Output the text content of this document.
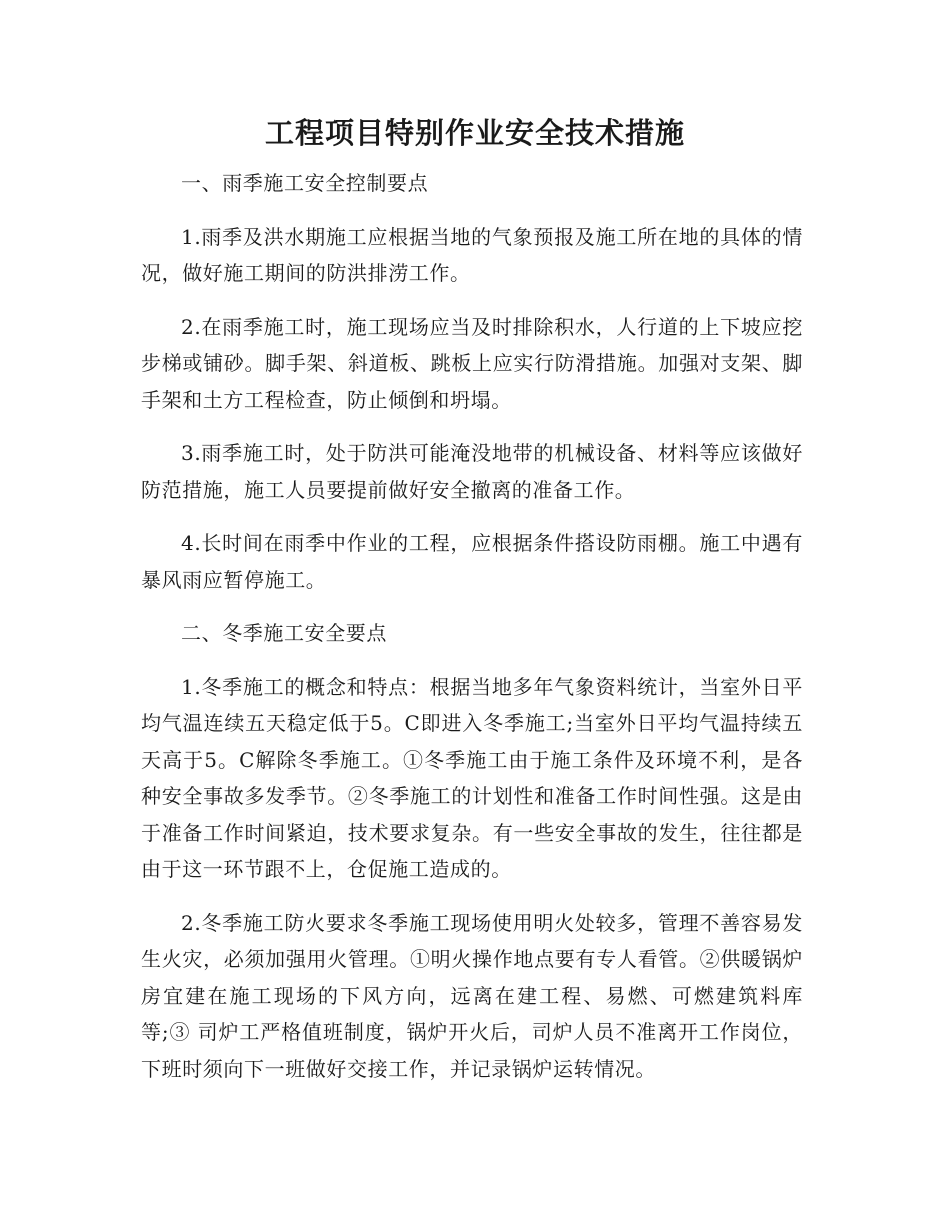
工程项目特别作业安全技术措施

一、雨季施工安全控制要点

1.雨季及洪水期施工应根据当地的气象预报及施工所在地的具体的情况，做好施工期间的防洪排涝工作。

2.在雨季施工时，施工现场应当及时排除积水，人行道的上下坡应挖步梯或铺砂。脚手架、斜道板、跳板上应实行防滑措施。加强对支架、脚手架和土方工程检查，防止倾倒和坍塌。

3.雨季施工时，处于防洪可能淹没地带的机械设备、材料等应该做好防范措施，施工人员要提前做好安全撤离的准备工作。

4.长时间在雨季中作业的工程，应根据条件搭设防雨棚。施工中遇有暴风雨应暂停施工。

二、冬季施工安全要点

1.冬季施工的概念和特点：根据当地多年气象资料统计，当室外日平均气温连续五天稳定低于5。C即进入冬季施工;当室外日平均气温持续五天高于5。C解除冬季施工。①冬季施工由于施工条件及环境不利，是各种安全事故多发季节。②冬季施工的计划性和准备工作时间性强。这是由于准备工作时间紧迫，技术要求复杂。有一些安全事故的发生，往往都是由于这一环节跟不上，仓促施工造成的。

2.冬季施工防火要求冬季施工现场使用明火处较多，管理不善容易发生火灾，必须加强用火管理。①明火操作地点要有专人看管。②供暖锅炉房宜建在施工现场的下风方向，远离在建工程、易燃、可燃建筑料库等;③ 司炉工严格值班制度，锅炉开火后，司炉人员不准离开工作岗位，下班时须向下一班做好交接工作，并记录锅炉运转情况。
